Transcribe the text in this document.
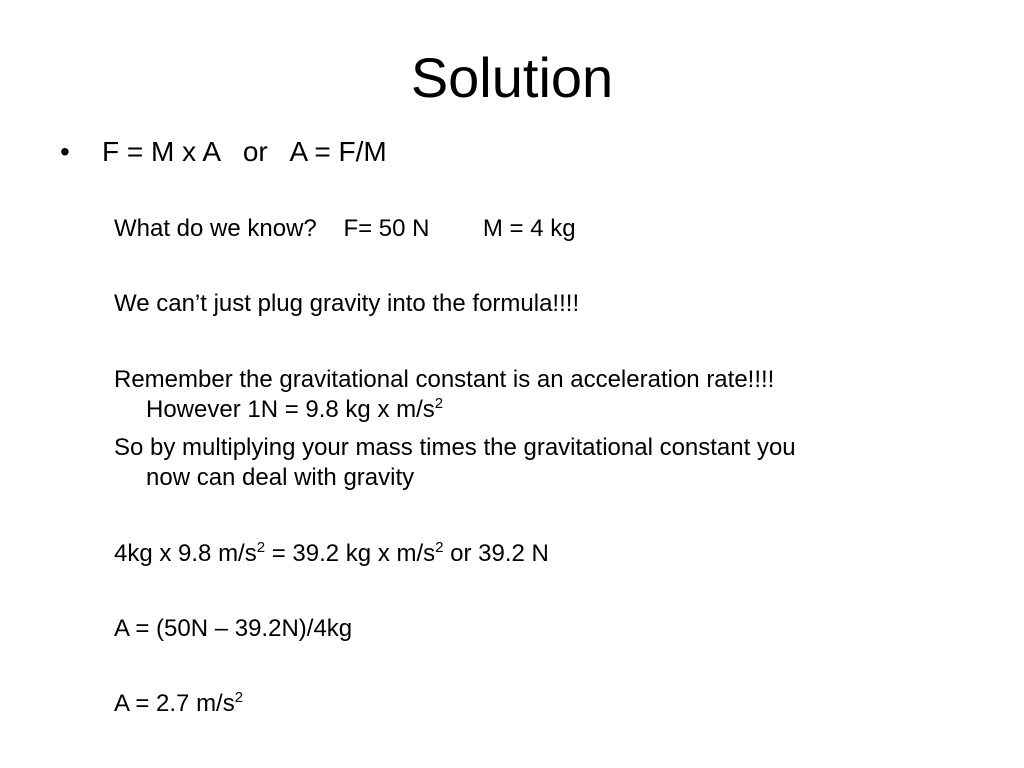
Solution
• F = M x A   or   A = F/M
What do we know? F= 50 N M = 4 kg
We can’t just plug gravity into the formula!!!!
Remember the gravitational constant is an acceleration rate!!!!
However 1N = 9.8 kg x $m/s^2$
So by multiplying your mass times the gravitational constant you
now can deal with gravity
4kg x 9.8 $m/s^2 = 39.2$ kg x $m/s^2$ or 39.2 N
A = (50N – 39.2N)/4kg
A = 2.7 $m/s^2$
